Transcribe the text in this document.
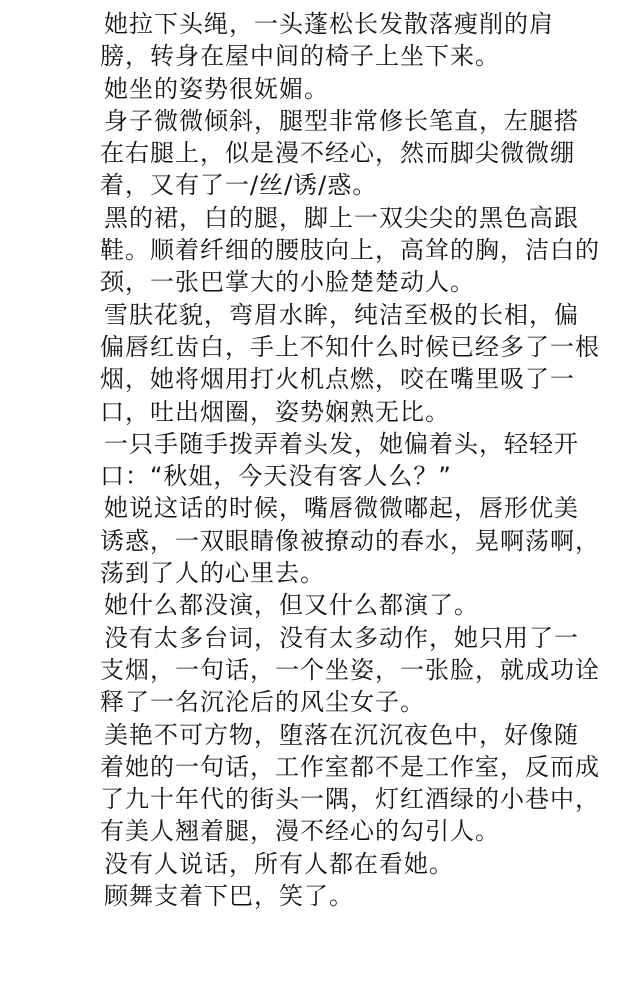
她拉下头绳，一头蓬松长发散落瘦削的肩
膀，转身在屋中间的椅子上坐下来。
她坐的姿势很妩媚。
身子微微倾斜，腿型非常修长笔直，左腿搭
在右腿上，似是漫不经心，然而脚尖微微绷
着，又有了一/丝/诱/惑。
黑的裙，白的腿，脚上一双尖尖的黑色高跟
鞋。顺着纤细的腰肢向上，高耸的胸，洁白的
颈，一张巴掌大的小脸楚楚动人。
雪肤花貌，弯眉水眸，纯洁至极的长相，偏
偏唇红齿白，手上不知什么时候已经多了一根
烟，她将烟用打火机点燃，咬在嘴里吸了一
口，吐出烟圈，姿势娴熟无比。
一只手随手拨弄着头发，她偏着头，轻轻开
口：“秋姐，今天没有客人么？”
她说这话的时候，嘴唇微微嘟起，唇形优美
诱惑，一双眼睛像被撩动的春水，晃啊荡啊，
荡到了人的心里去。
她什么都没演，但又什么都演了。
没有太多台词，没有太多动作，她只用了一
支烟，一句话，一个坐姿，一张脸，就成功诠
释了一名沉沦后的风尘女子。
美艳不可方物，堕落在沉沉夜色中，好像随
着她的一句话，工作室都不是工作室，反而成
了九十年代的街头一隅，灯红酒绿的小巷中，
有美人翘着腿，漫不经心的勾引人。
没有人说话，所有人都在看她。
顾舞支着下巴，笑了。
